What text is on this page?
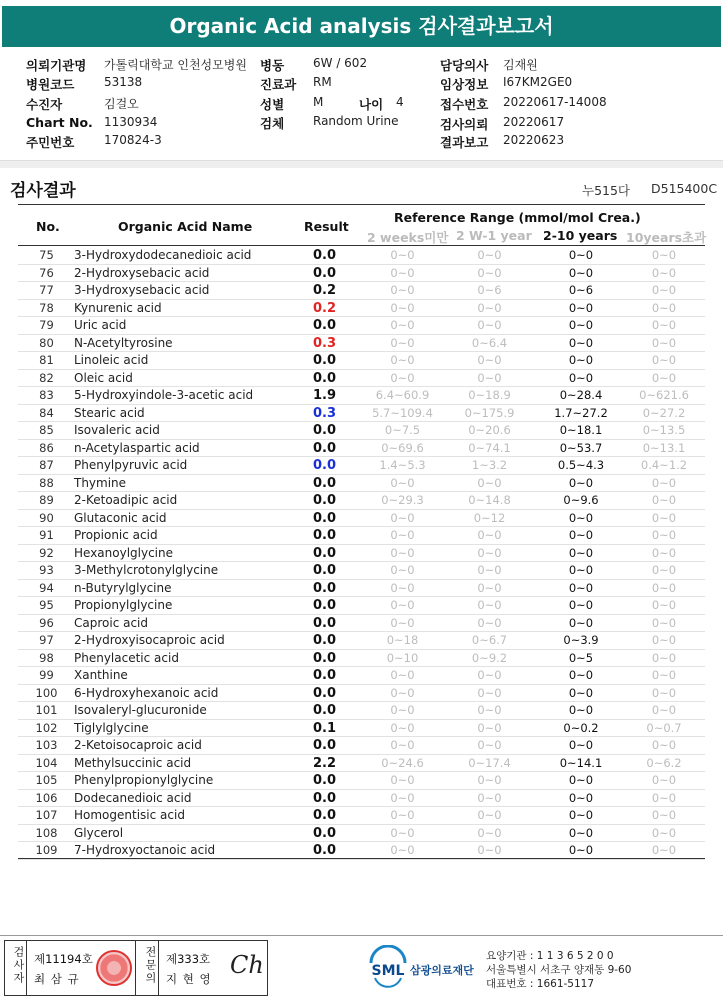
Organic Acid analysis 검사결과보고서
의뢰기관명 가톨릭대학교 인천성모병원
병원코드 53138
수진자	김걸오
Chart No. 1130934
주민번호 170824-3
병동 6W / 602
진료과 RM
성별 M	나이 4
검체 Random Urine
담당의사 김재원
임상정보 I67KM2GE0
접수번호 20220617-14008
검사의뢰 20220617
결과보고 20220623
검사결과	누515다 D515400C
No.	Organic Acid Name	Result
Reference Range (mmol/mol Crea.)
2 weeks미만 2 W-1 year 2-10 years 10years초과
75	3-Hydroxydodecanedioic acid	0.0	0~0	0~0	0~0	0~0
76	2-Hydroxysebacic acid	0.0	0~0	0~0	0~0	0~0
77	3-Hydroxysebacic acid	0.2	0~0	0~6	0~6	0~0
78	Kynurenic acid	0.2	0~0	0~0	0~0	0~0
79	Uric acid	0.0	0~0	0~0	0~0	0~0
80	N-Acetyltyrosine	0.3	0~0	0~6.4	0~0	0~0
81	Linoleic acid	0.0	0~0	0~0	0~0	0~0
82	Oleic acid	0.0	0~0	0~0	0~0	0~0
83	5-Hydroxyindole-3-acetic acid	1.9	6.4~60.9	0~18.9	0~28.4	0~621.6
84	Stearic acid	0.3	5.7~109.4	0~175.9	1.7~27.2	0~27.2
85	Isovaleric acid	0.0	0~7.5	0~20.6	0~18.1	0~13.5
86	n-Acetylaspartic acid	0.0	0~69.6	0~74.1	0~53.7	0~13.1
87	Phenylpyruvic acid	0.0	1.4~5.3	1~3.2	0.5~4.3	0.4~1.2
88	Thymine	0.0	0~0	0~0	0~0	0~0
89	2-Ketoadipic acid	0.0	0~29.3	0~14.8	0~9.6	0~0
90	Glutaconic acid	0.0	0~0	0~12	0~0	0~0
91	Propionic acid	0.0	0~0	0~0	0~0	0~0
92	Hexanoylglycine	0.0	0~0	0~0	0~0	0~0
93	3-Methylcrotonylglycine	0.0	0~0	0~0	0~0	0~0
94	n-Butyrylglycine	0.0	0~0	0~0	0~0	0~0
95	Propionylglycine	0.0	0~0	0~0	0~0	0~0
96	Caproic acid	0.0	0~0	0~0	0~0	0~0
97	2-Hydroxyisocaproic acid	0.0	0~18	0~6.7	0~3.9	0~0
98	Phenylacetic acid	0.0	0~10	0~9.2	0~5	0~0
99	Xanthine	0.0	0~0	0~0	0~0	0~0
100	6-Hydroxyhexanoic acid	0.0	0~0	0~0	0~0	0~0
101	Isovaleryl-glucuronide	0.0	0~0	0~0	0~0	0~0
102	Tiglylglycine	0.1	0~0	0~0	0~0.2	0~0.7
103	2-Ketoisocaproic acid	0.0	0~0	0~0	0~0	0~0
104	Methylsuccinic acid	2.2	0~24.6	0~17.4	0~14.1	0~6.2
105	Phenylpropionylglycine	0.0	0~0	0~0	0~0	0~0
106	Dodecanedioic acid	0.0	0~0	0~0	0~0	0~0
107	Homogentisic acid	0.0	0~0	0~0	0~0	0~0
108	Glycerol	0.0	0~0	0~0	0~0	0~0
109	7-Hydroxyoctanoic acid	0.0	0~0	0~0	0~0	0~0
검사자 제11194호
최 삼 규	전문의 제333호
지 현 영 Ch	SML 삼광의료재단
요양기관 : 1 1 3 6 5 2 0 0
서울특별시 서초구 양재동 9-60
대표번호 : 1661-5117
